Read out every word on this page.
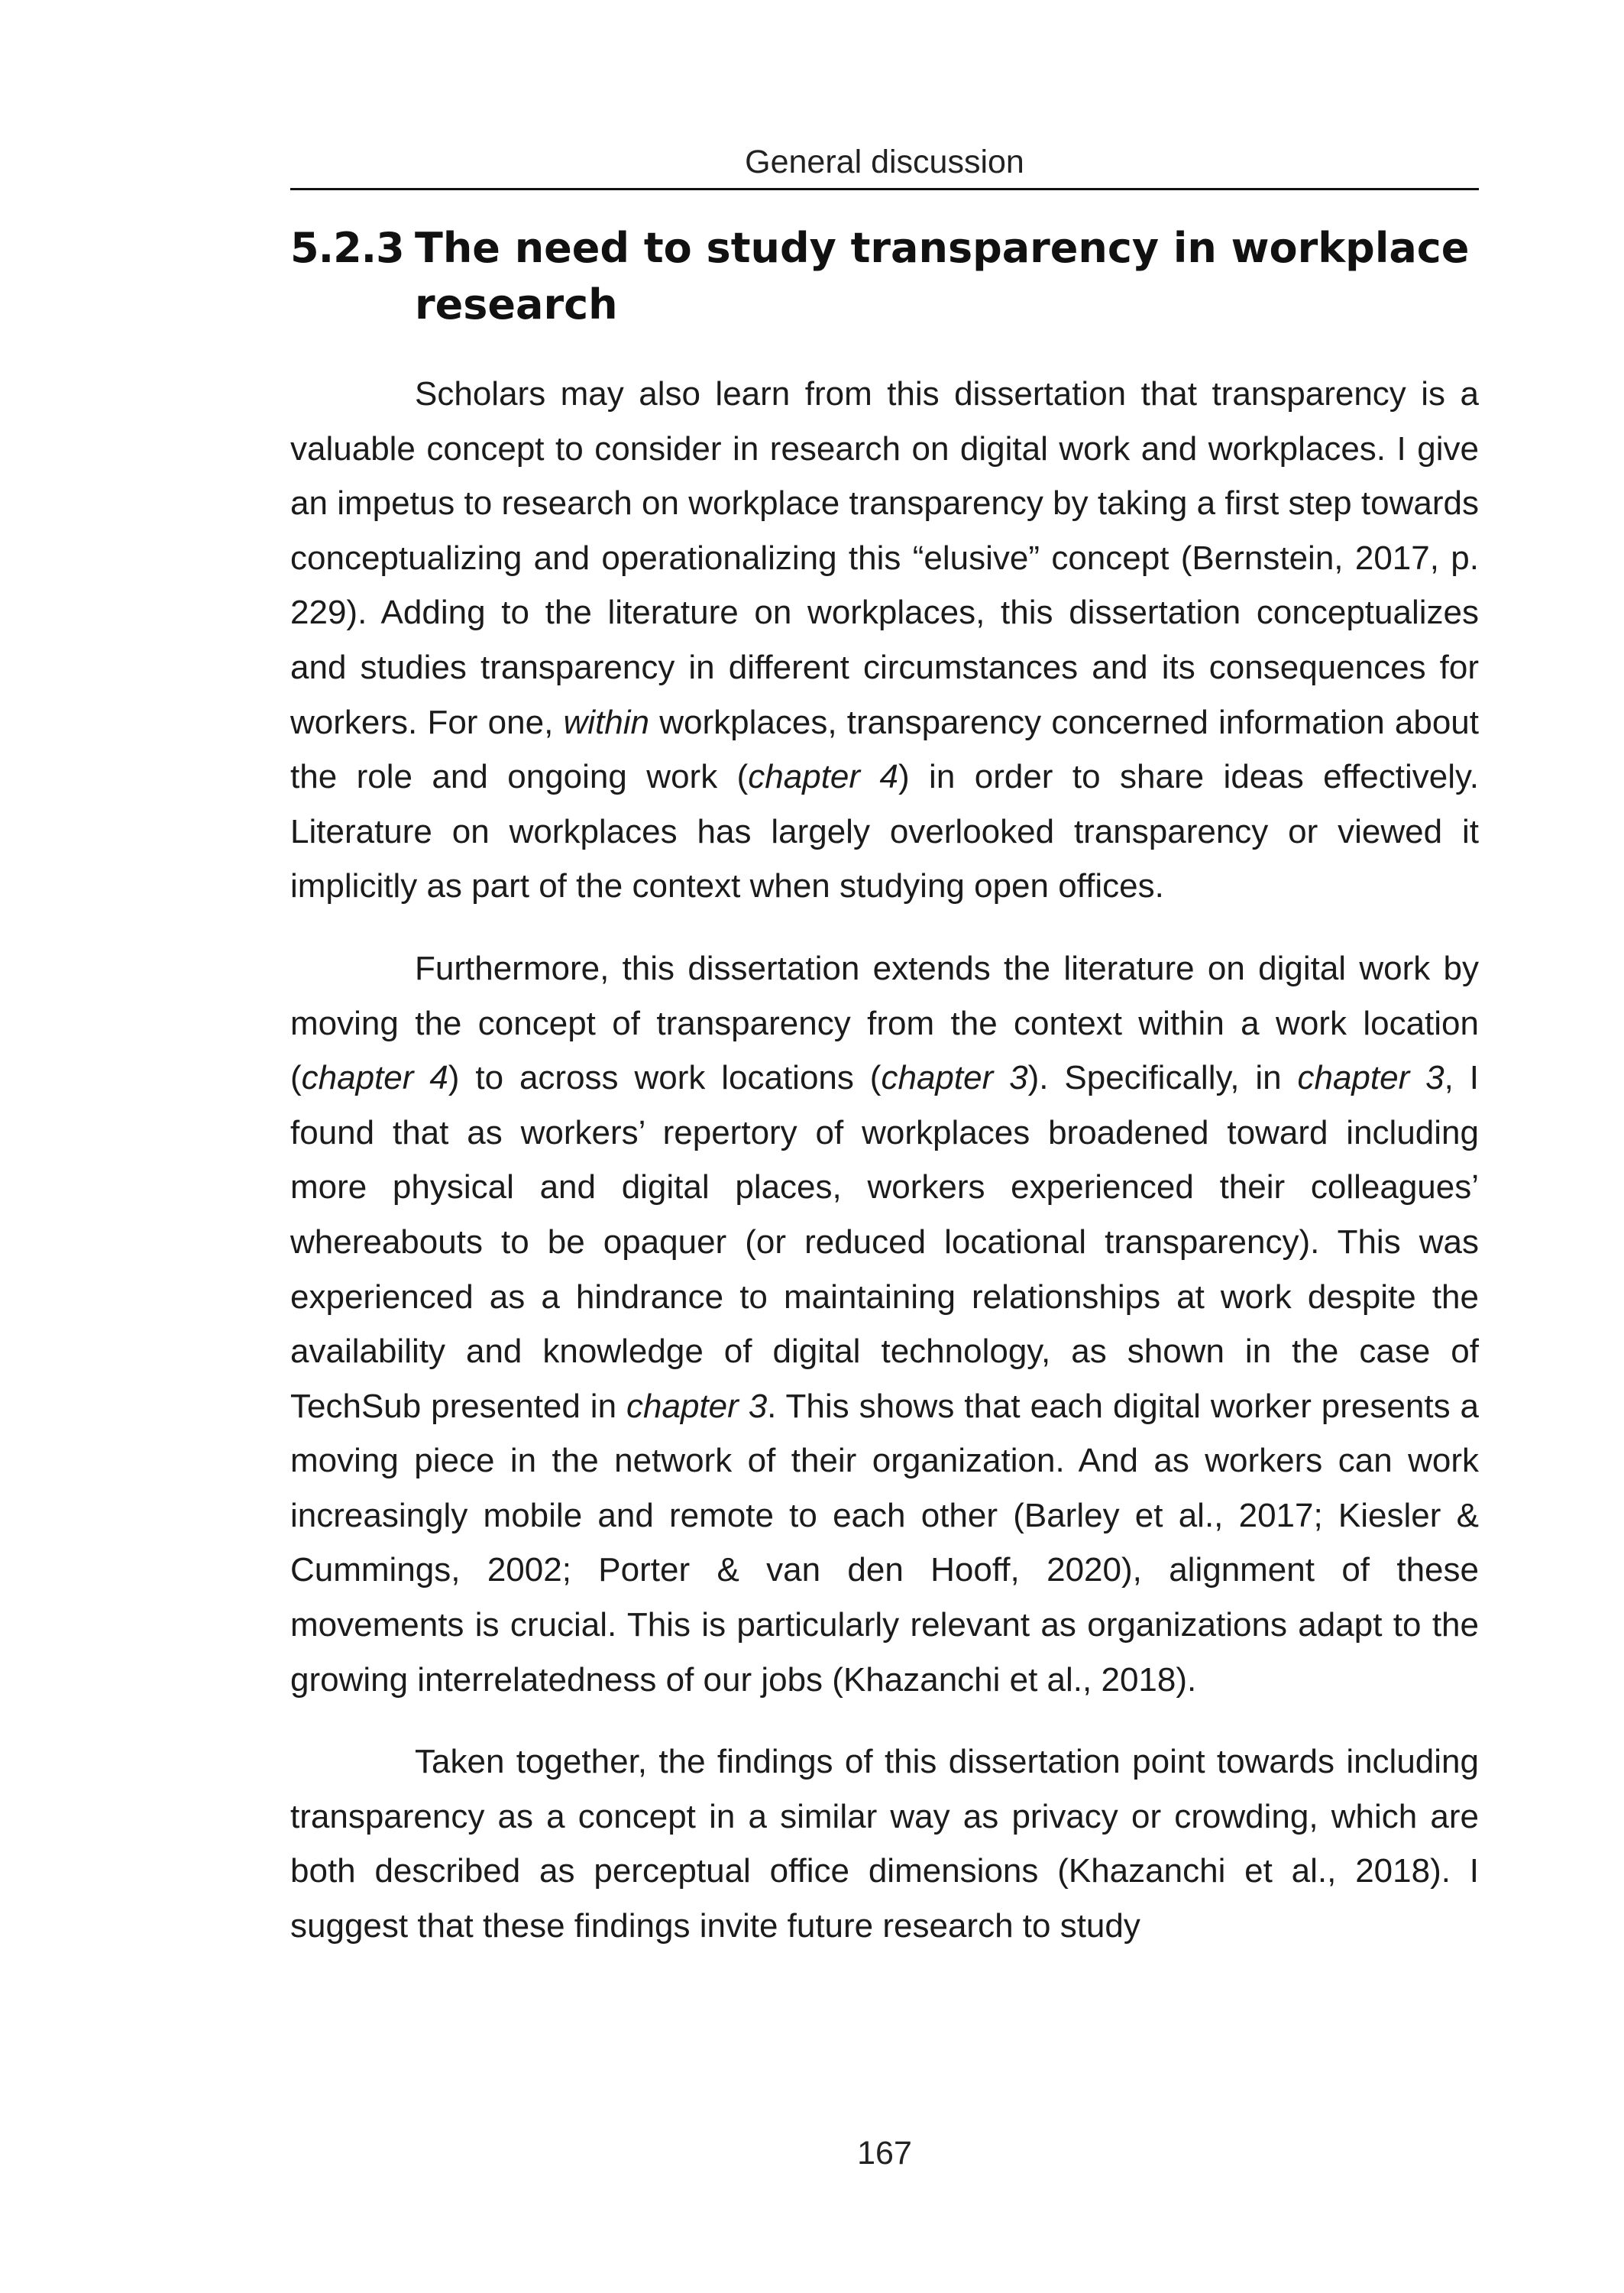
General discussion
5.2.3 The need to study transparency in workplace research

Scholars may also learn from this dissertation that transparency is a valuable concept to consider in research on digital work and workplaces. I give an impetus to research on workplace transparency by taking a first step towards conceptualizing and operationalizing this “elusive” concept (Bernstein, 2017, p. 229). Adding to the literature on workplaces, this dissertation conceptualizes and studies transparency in different circumstances and its consequences for workers. For one, within workplaces, transparency concerned information about the role and ongoing work (chapter 4) in order to share ideas effectively. Literature on workplaces has largely overlooked transparency or viewed it implicitly as part of the context when studying open offices.

Furthermore, this dissertation extends the literature on digital work by moving the concept of transparency from the context within a work location (chapter 4) to across work locations (chapter 3). Specifically, in chapter 3, I found that as workers’ repertory of workplaces broadened toward including more physical and digital places, workers experienced their colleagues’ whereabouts to be opaquer (or reduced locational transparency). This was experienced as a hindrance to maintaining relationships at work despite the availability and knowledge of digital technology, as shown in the case of TechSub presented in chapter 3. This shows that each digital worker presents a moving piece in the network of their organization. And as workers can work increasingly mobile and remote to each other (Barley et al., 2017; Kiesler & Cummings, 2002; Porter & van den Hooff, 2020), alignment of these movements is crucial. This is particularly relevant as organizations adapt to the growing interrelatedness of our jobs (Khazanchi et al., 2018).

Taken together, the findings of this dissertation point towards including transparency as a concept in a similar way as privacy or crowding, which are both described as perceptual office dimensions (Khazanchi et al., 2018). I suggest that these findings invite future research to study

167
